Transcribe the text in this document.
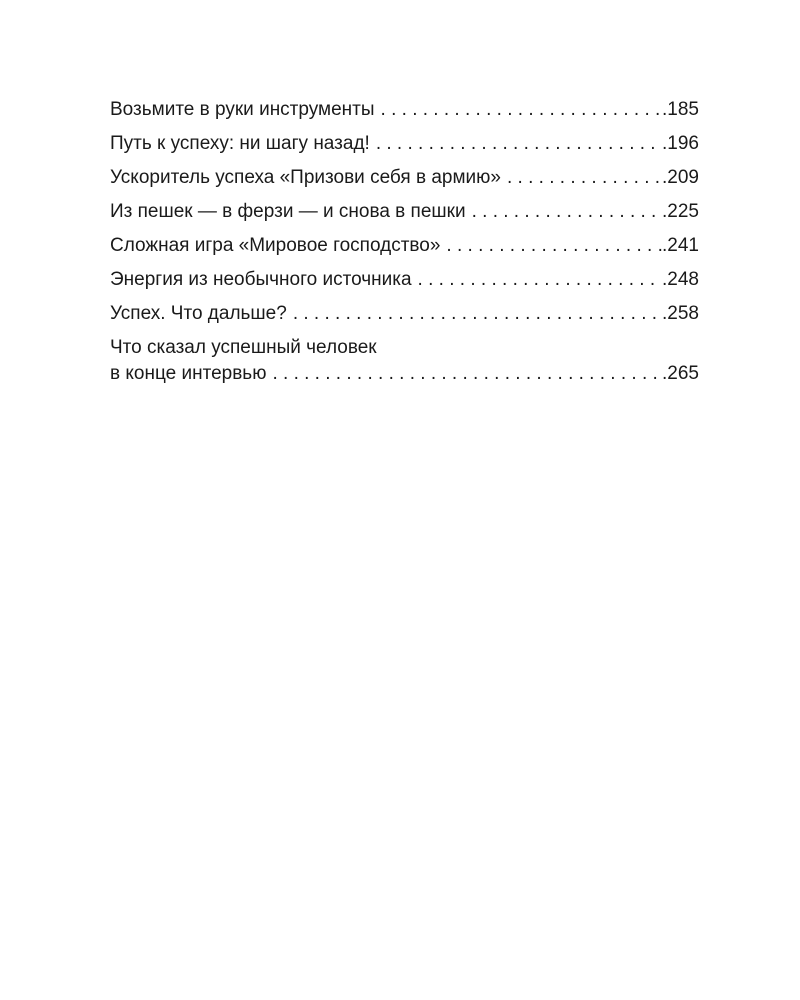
Возьмите в руки инструменты . . .	. 185
Путь к успеху: ни шагу назад! . . .	. 196
Ускоритель успеха «Призови себя в армию» . . .	. 209
Из пешек — в ферзи — и снова в пешки . . .	. 225
Сложная игра «Мировое господство» . . .	. 241
Энергия из необычного источника . . .	. 248
Успех. Что дальше? . . .	. 258
Что сказал успешный человек
в конце интервью . . .	. 265
